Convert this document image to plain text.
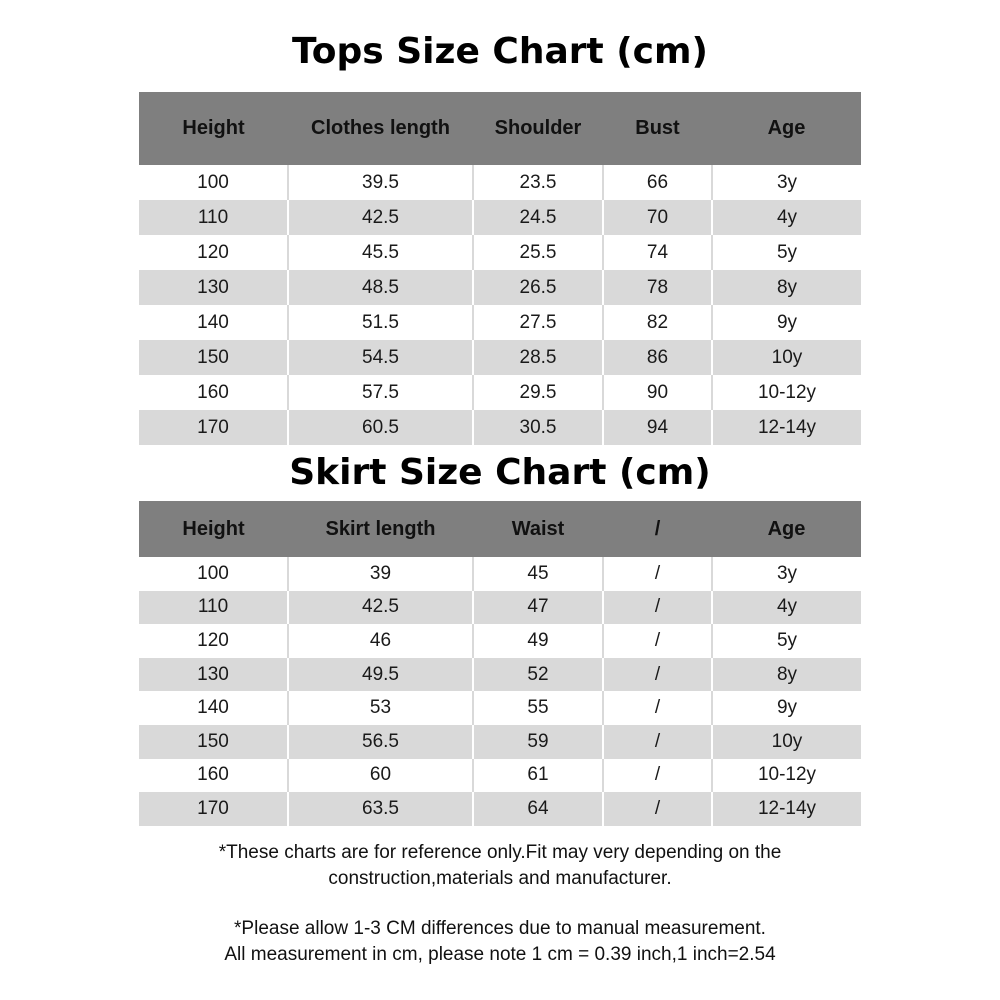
Tops Size Chart (cm)
Height	Clothes length	Shoulder	Bust	Age
100	39.5	23.5	66	3y
110	42.5	24.5	70	4y
120	45.5	25.5	74	5y
130	48.5	26.5	78	8y
140	51.5	27.5	82	9y
150	54.5	28.5	86	10y
160	57.5	29.5	90	10-12y
170	60.5	30.5	94	12-14y
Skirt Size Chart (cm)
Height	Skirt length	Waist	/	Age
100	39	45	/	3y
110	42.5	47	/	4y
120	46	49	/	5y
130	49.5	52	/	8y
140	53	55	/	9y
150	56.5	59	/	10y
160	60	61	/	10-12y
170	63.5	64	/	12-14y
*These charts are for reference only.Fit may very depending on the
construction,materials and manufacturer.
*Please allow 1-3 CM differences due to manual measurement.
All measurement in cm, please note 1 cm = 0.39 inch,1 inch=2.54
